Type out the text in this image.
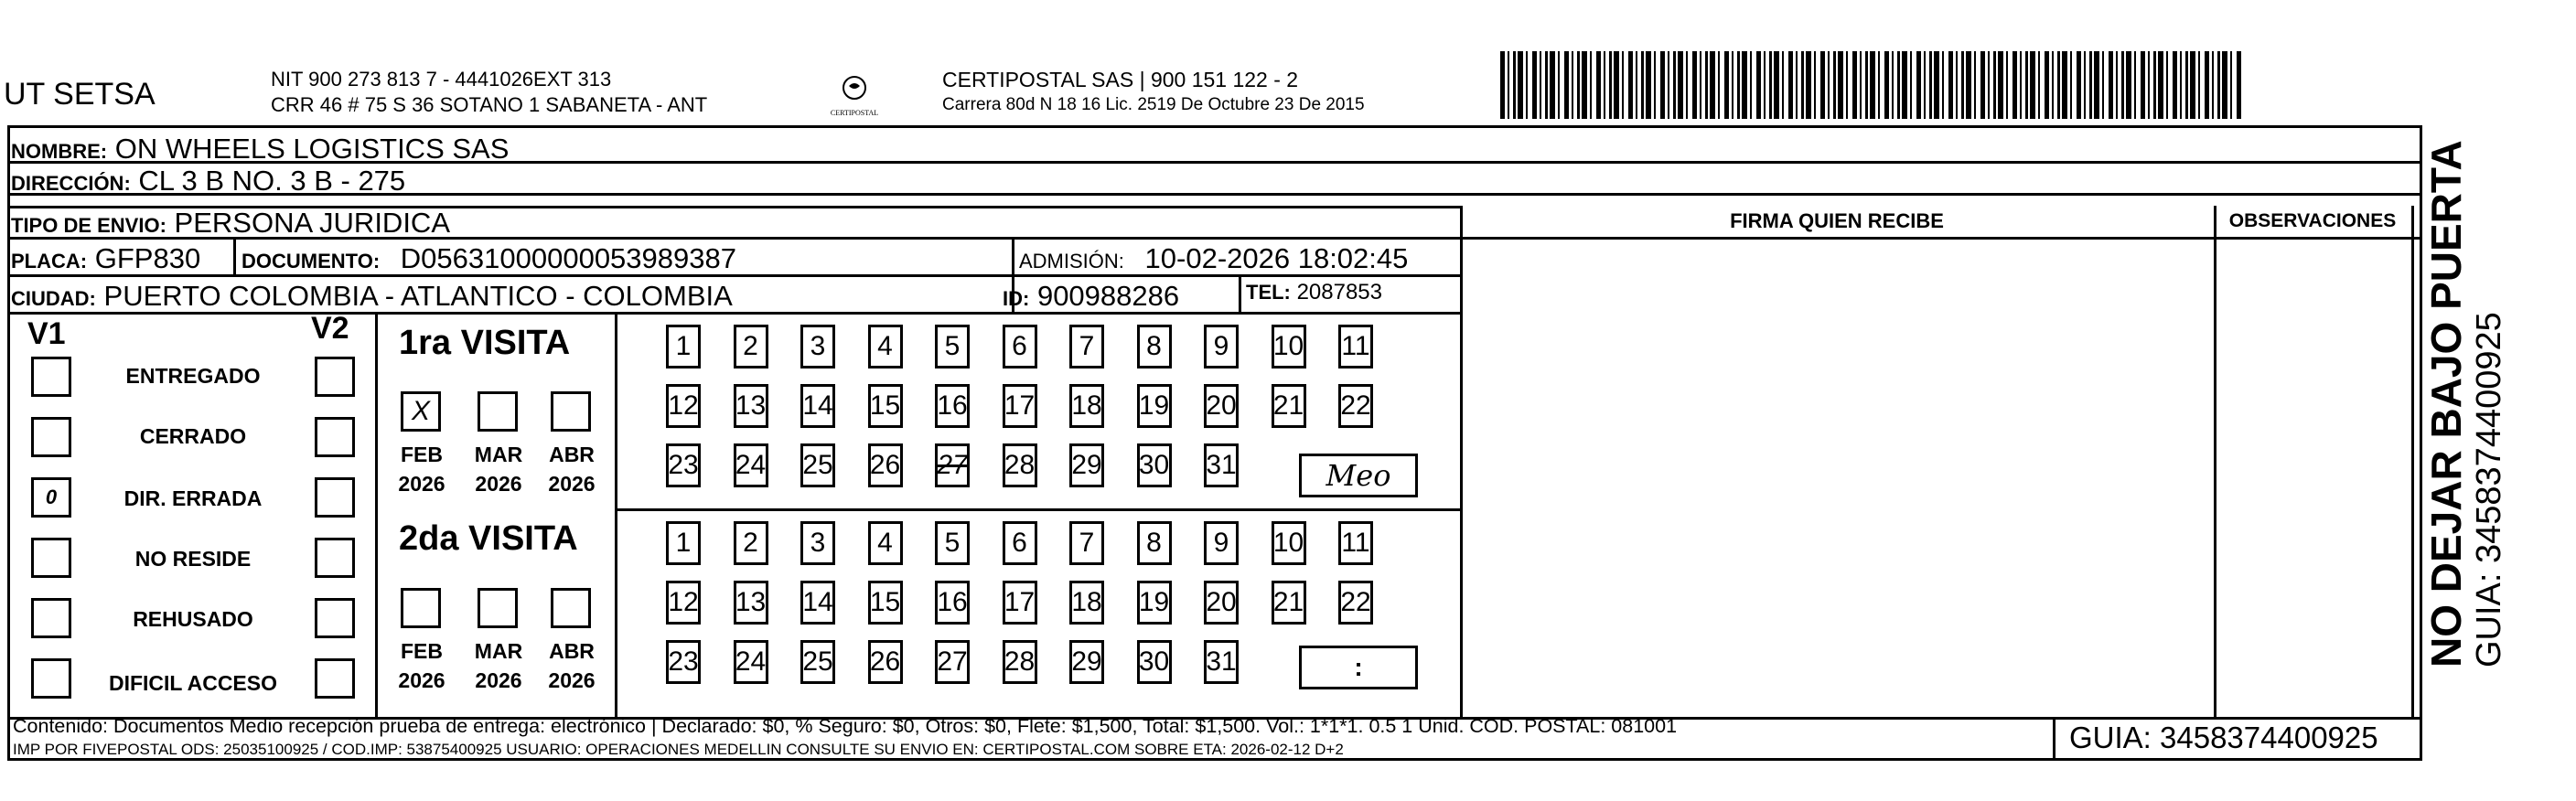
UT SETSA	NIT 900 273 813 7 - 4441026EXT 313
CRR 46 # 75 S 36 SOTANO 1 SABANETA - ANT	CERTIPOSTAL
CERTIPOSTAL SAS | 900 151 122 - 2
Carrera 80d N 18 16 Lic. 2519 De Octubre 23 De 2015
NOMBRE: ON WHEELS LOGISTICS SAS
DIRECCIÓN: CL 3 B NO. 3 B - 275
TIPO DE ENVIO: PERSONA JURIDICA
PLACA: GFP830 DOCUMENTO: D05631000000053989387	ADMISIÓN: 10-02-2026 18:02:45
CIUDAD: PUERTO COLOMBIA - ATLANTICO - COLOMBIA	ID: 900988286	TEL: 2087853
FIRMA QUIEN RECIBE	OBSERVACIONES
V1	V2
ENTREGADO
CERRADO
0	DIR. ERRADA
NO RESIDE
REHUSADO
DIFICIL ACCESO
1ra VISITA
X
FEB	MAR	ABR
2026	2026	2026
2da VISITA
FEB	MAR	ABR
2026	2026	2026
1 2 3 4 5 6 7 8 9 10 11
12 13 14 15 16 17 18 19 20 21 22
23 24 25 26 27 28 29 30 31
1 2 3 4 5 6 7 8 9 10 11
12 13 14 15 16 17 18 19 20 21 22
23 24 25 26 27 28 29 30 31
Meo
:
Contenido: Documentos Medio recepción prueba de entrega: electrónico | Declarado: $0, % Seguro: $0, Otros: $0, Flete: $1,500, Total: $1,500. Vol.: 1*1*1. 0.5 1 Unid. COD. POSTAL: 081001
IMP POR FIVEPOSTAL ODS: 25035100925 / COD.IMP: 53875400925 USUARIO: OPERACIONES MEDELLIN CONSULTE SU ENVIO EN: CERTIPOSTAL.COM SOBRE ETA: 2026-02-12 D+2	GUIA: 3458374400925
NO DEJAR BAJO PUERTA GUIA: 3458374400925
